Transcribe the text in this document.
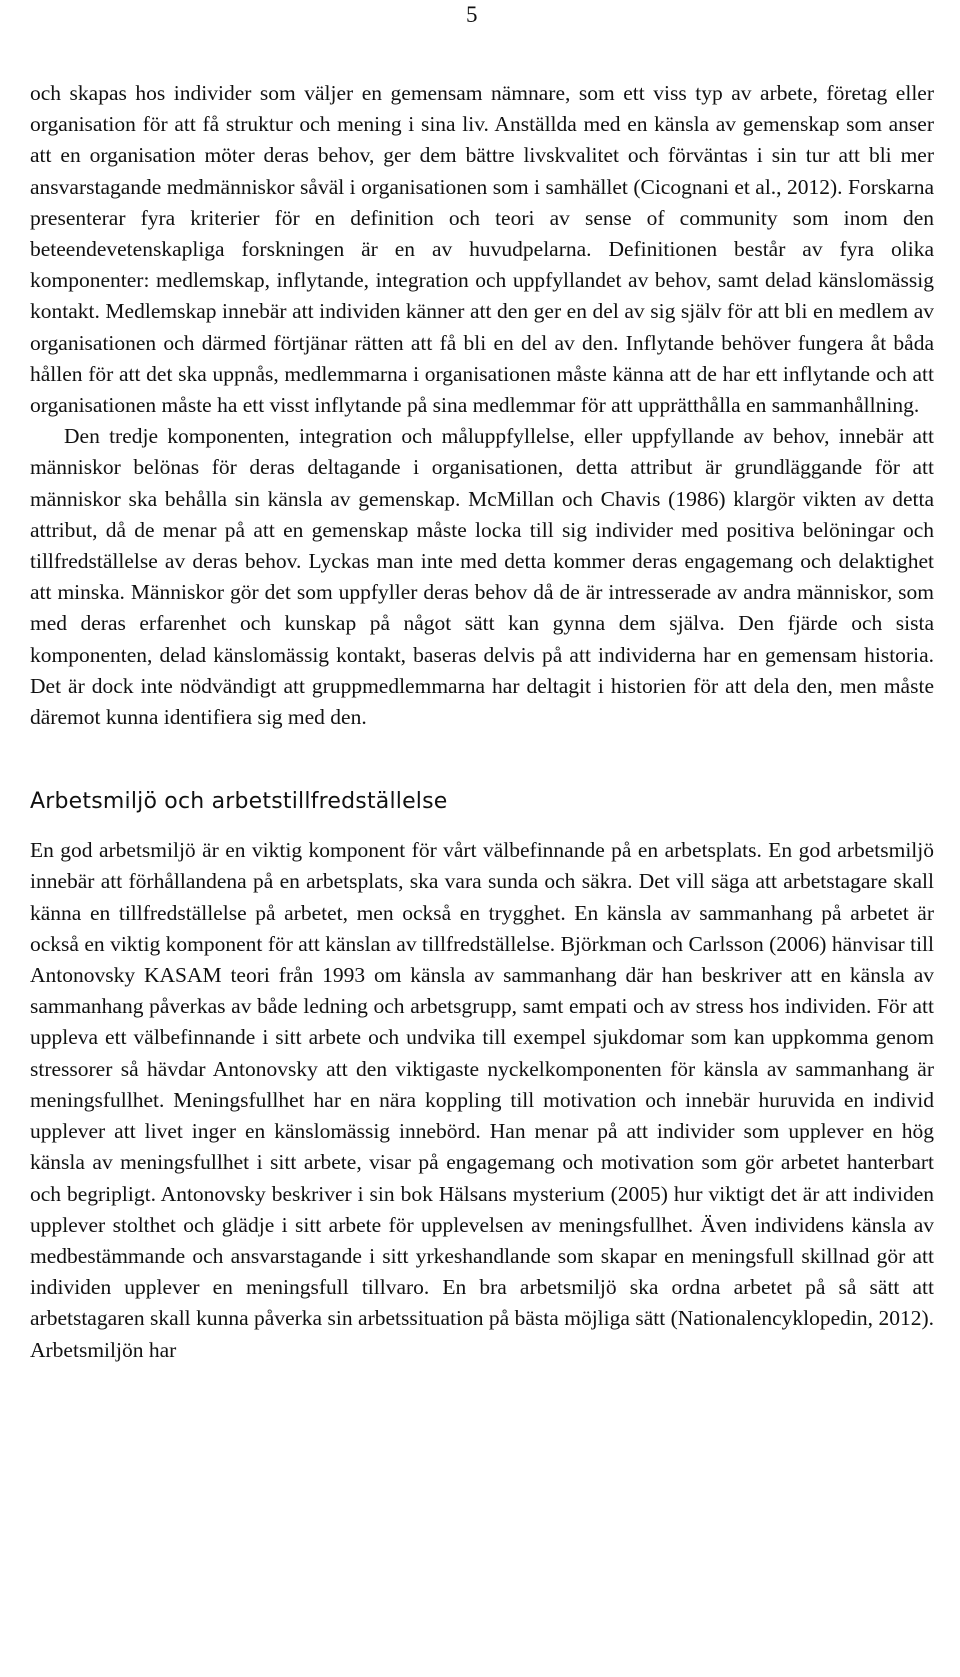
5

och skapas hos individer som väljer en gemensam nämnare, som ett viss typ av arbete, företag eller organisation för att få struktur och mening i sina liv. Anställda med en känsla av gemenskap som anser att en organisation möter deras behov, ger dem bättre livskvalitet och förväntas i sin tur att bli mer ansvarstagande medmänniskor såväl i organisationen som i samhället (Cicognani et al., 2012). Forskarna presenterar fyra kriterier för en definition och teori av sense of community som inom den beteendevetenskapliga forskningen är en av huvudpelarna. Definitionen består av fyra olika komponenter: medlemskap, inflytande, integration och uppfyllandet av behov, samt delad känslomässig kontakt. Medlemskap innebär att individen känner att den ger en del av sig själv för att bli en medlem av organisationen och därmed förtjänar rätten att få bli en del av den. Inflytande behöver fungera åt båda hållen för att det ska uppnås, medlemmarna i organisationen måste känna att de har ett inflytande och att organisationen måste ha ett visst inflytande på sina medlemmar för att upprätthålla en sammanhållning.

Den tredje komponenten, integration och måluppfyllelse, eller uppfyllande av behov, innebär att människor belönas för deras deltagande i organisationen, detta attribut är grundläggande för att människor ska behålla sin känsla av gemenskap. McMillan och Chavis (1986) klargör vikten av detta attribut, då de menar på att en gemenskap måste locka till sig individer med positiva belöningar och tillfredställelse av deras behov. Lyckas man inte med detta kommer deras engagemang och delaktighet att minska. Människor gör det som uppfyller deras behov då de är intresserade av andra människor, som med deras erfarenhet och kunskap på något sätt kan gynna dem själva. Den fjärde och sista komponenten, delad känslomässig kontakt, baseras delvis på att individerna har en gemensam historia. Det är dock inte nödvändigt att gruppmedlemmarna har deltagit i historien för att dela den, men måste däremot kunna identifiera sig med den.

Arbetsmiljö och arbetstillfredställelse

En god arbetsmiljö är en viktig komponent för vårt välbefinnande på en arbetsplats. En god arbetsmiljö innebär att förhållandena på en arbetsplats, ska vara sunda och säkra. Det vill säga att arbetstagare skall känna en tillfredställelse på arbetet, men också en trygghet. En känsla av sammanhang på arbetet är också en viktig komponent för att känslan av tillfredställelse. Björkman och Carlsson (2006) hänvisar till Antonovsky KASAM teori från 1993 om känsla av sammanhang där han beskriver att en känsla av sammanhang påverkas av både ledning och arbetsgrupp, samt empati och av stress hos individen. För att uppleva ett välbefinnande i sitt arbete och undvika till exempel sjukdomar som kan uppkomma genom stressorer så hävdar Antonovsky att den viktigaste nyckelkomponenten för känsla av sammanhang är meningsfullhet. Meningsfullhet har en nära koppling till motivation och innebär huruvida en individ upplever att livet inger en känslomässig innebörd. Han menar på att individer som upplever en hög känsla av meningsfullhet i sitt arbete, visar på engagemang och motivation som gör arbetet hanterbart och begripligt. Antonovsky beskriver i sin bok Hälsans mysterium (2005) hur viktigt det är att individen upplever stolthet och glädje i sitt arbete för upplevelsen av meningsfullhet. Även individens känsla av medbestämmande och ansvarstagande i sitt yrkeshandlande som skapar en meningsfull skillnad gör att individen upplever en meningsfull tillvaro. En bra arbetsmiljö ska ordna arbetet på så sätt att arbetstagaren skall kunna påverka sin arbetssituation på bästa möjliga sätt (Nationalencyklopedin, 2012). Arbetsmiljön har
